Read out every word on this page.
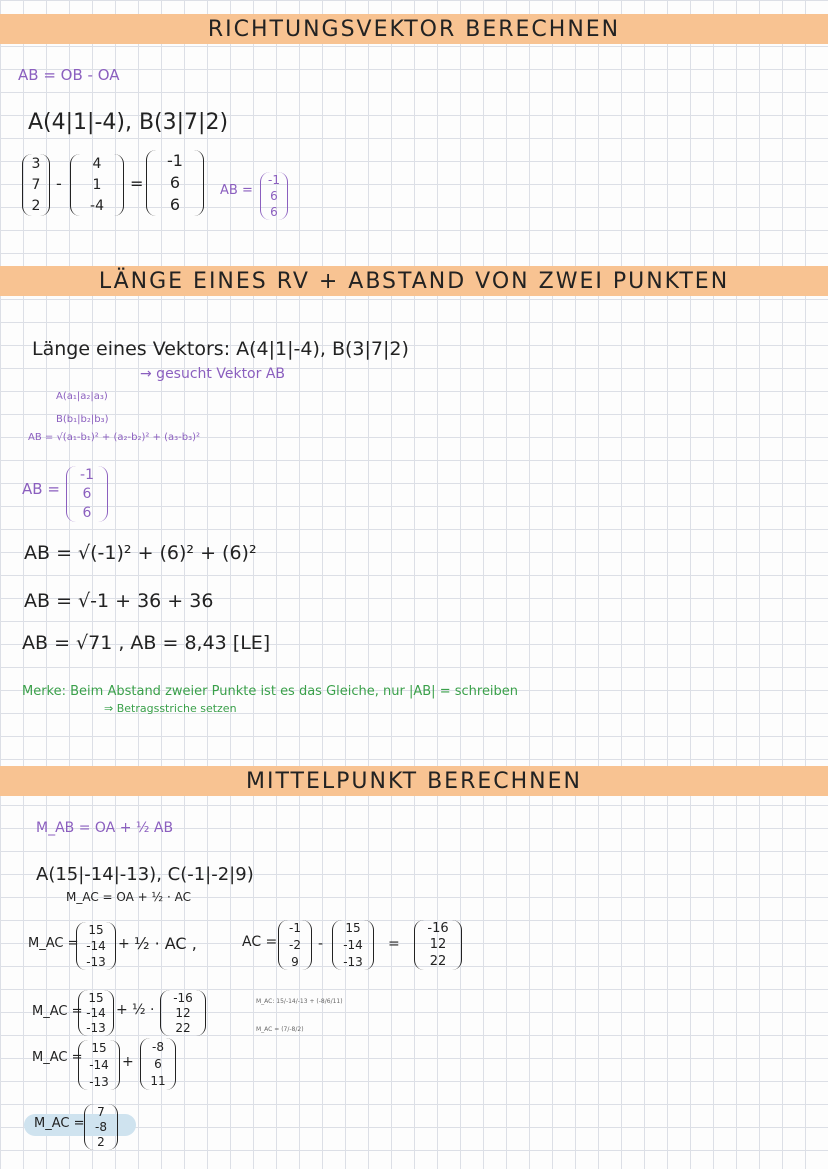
RICHTUNGSVEKTOR BERECHNEN
AB = OB - OA
A(4|1|-4), B(3|7|2)
3
7
2
-
4
1
-4
=
-1
6
6
AB =
-1
6
6
LÄNGE EINES RV + ABSTAND VON ZWEI PUNKTEN
Länge eines Vektors: A(4|1|-4), B(3|7|2)
→ gesucht Vektor AB
A(a₁|a₂|a₃)
B(b₁|b₂|b₃)
AB = √(a₁-b₁)² + (a₂-b₂)² + (a₃-b₃)²
AB =
-1
6
6
AB = √(-1)² + (6)² + (6)²
AB = √-1 + 36 + 36
AB = √71 , AB = 8,43 [LE]
Merke: Beim Abstand zweier Punkte ist es das Gleiche, nur |AB| = schreiben
⇒ Betragsstriche setzen
MITTELPUNKT BERECHNEN
M_AB = OA + ½ AB
A(15|-14|-13), C(-1|-2|9)
M_AC = OA + ½ · AC
M_AC =
15
-14
-13
+ ½ · AC ,	AC =
-1
-2
9
-
15
-14
-13
=
-16
12
22
M_AC =
15
-14
-13
+ ½ ·
-16
12
22
M_AC =
15
-14
-13
+
-8
6
11
M_AC =
7
-8
2
M_AC: 15/-14/-13 + (-8/6/11)
M_AC = (7/-8/2)
